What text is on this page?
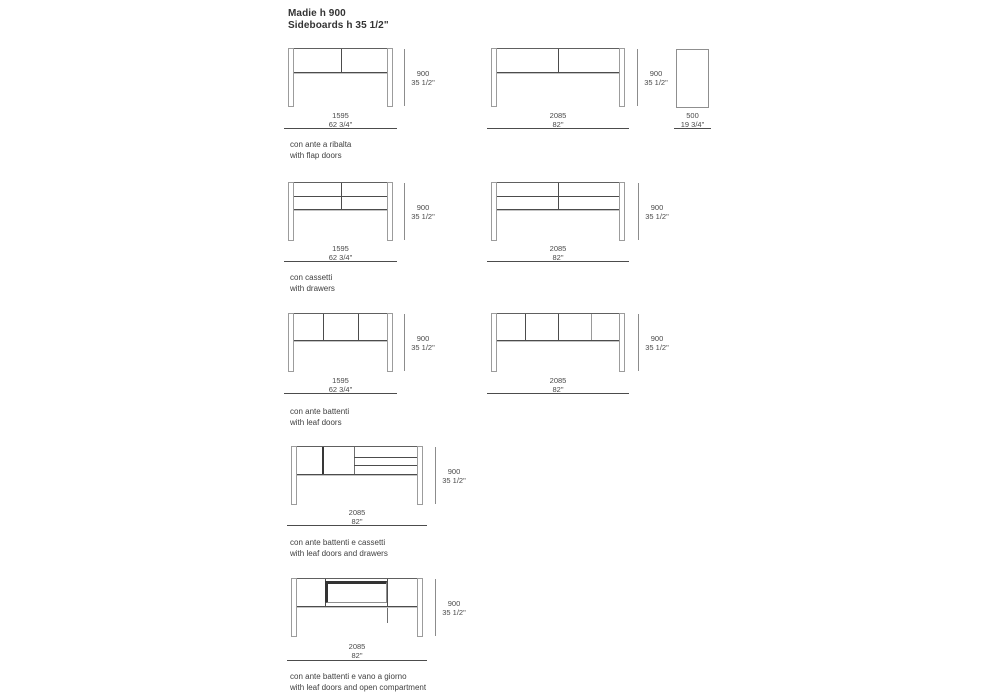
Madie h 900
Sideboards h 35 1/2"
900
35 1/2"
900
35 1/2"
1595
62 3/4"
2085
82"
500
19 3/4"
con ante a ribalta
with flap doors
900
35 1/2"
900
35 1/2"
1595
62 3/4"
2085
82"
con cassetti
with drawers
900
35 1/2"
900
35 1/2"
1595
62 3/4"
2085
82"
con ante battenti
with leaf doors
900
35 1/2"
2085
82"
con ante battenti e cassetti
with leaf doors and drawers
900
35 1/2"
2085
82"
con ante battenti e vano a giorno
with leaf doors and open compartment
